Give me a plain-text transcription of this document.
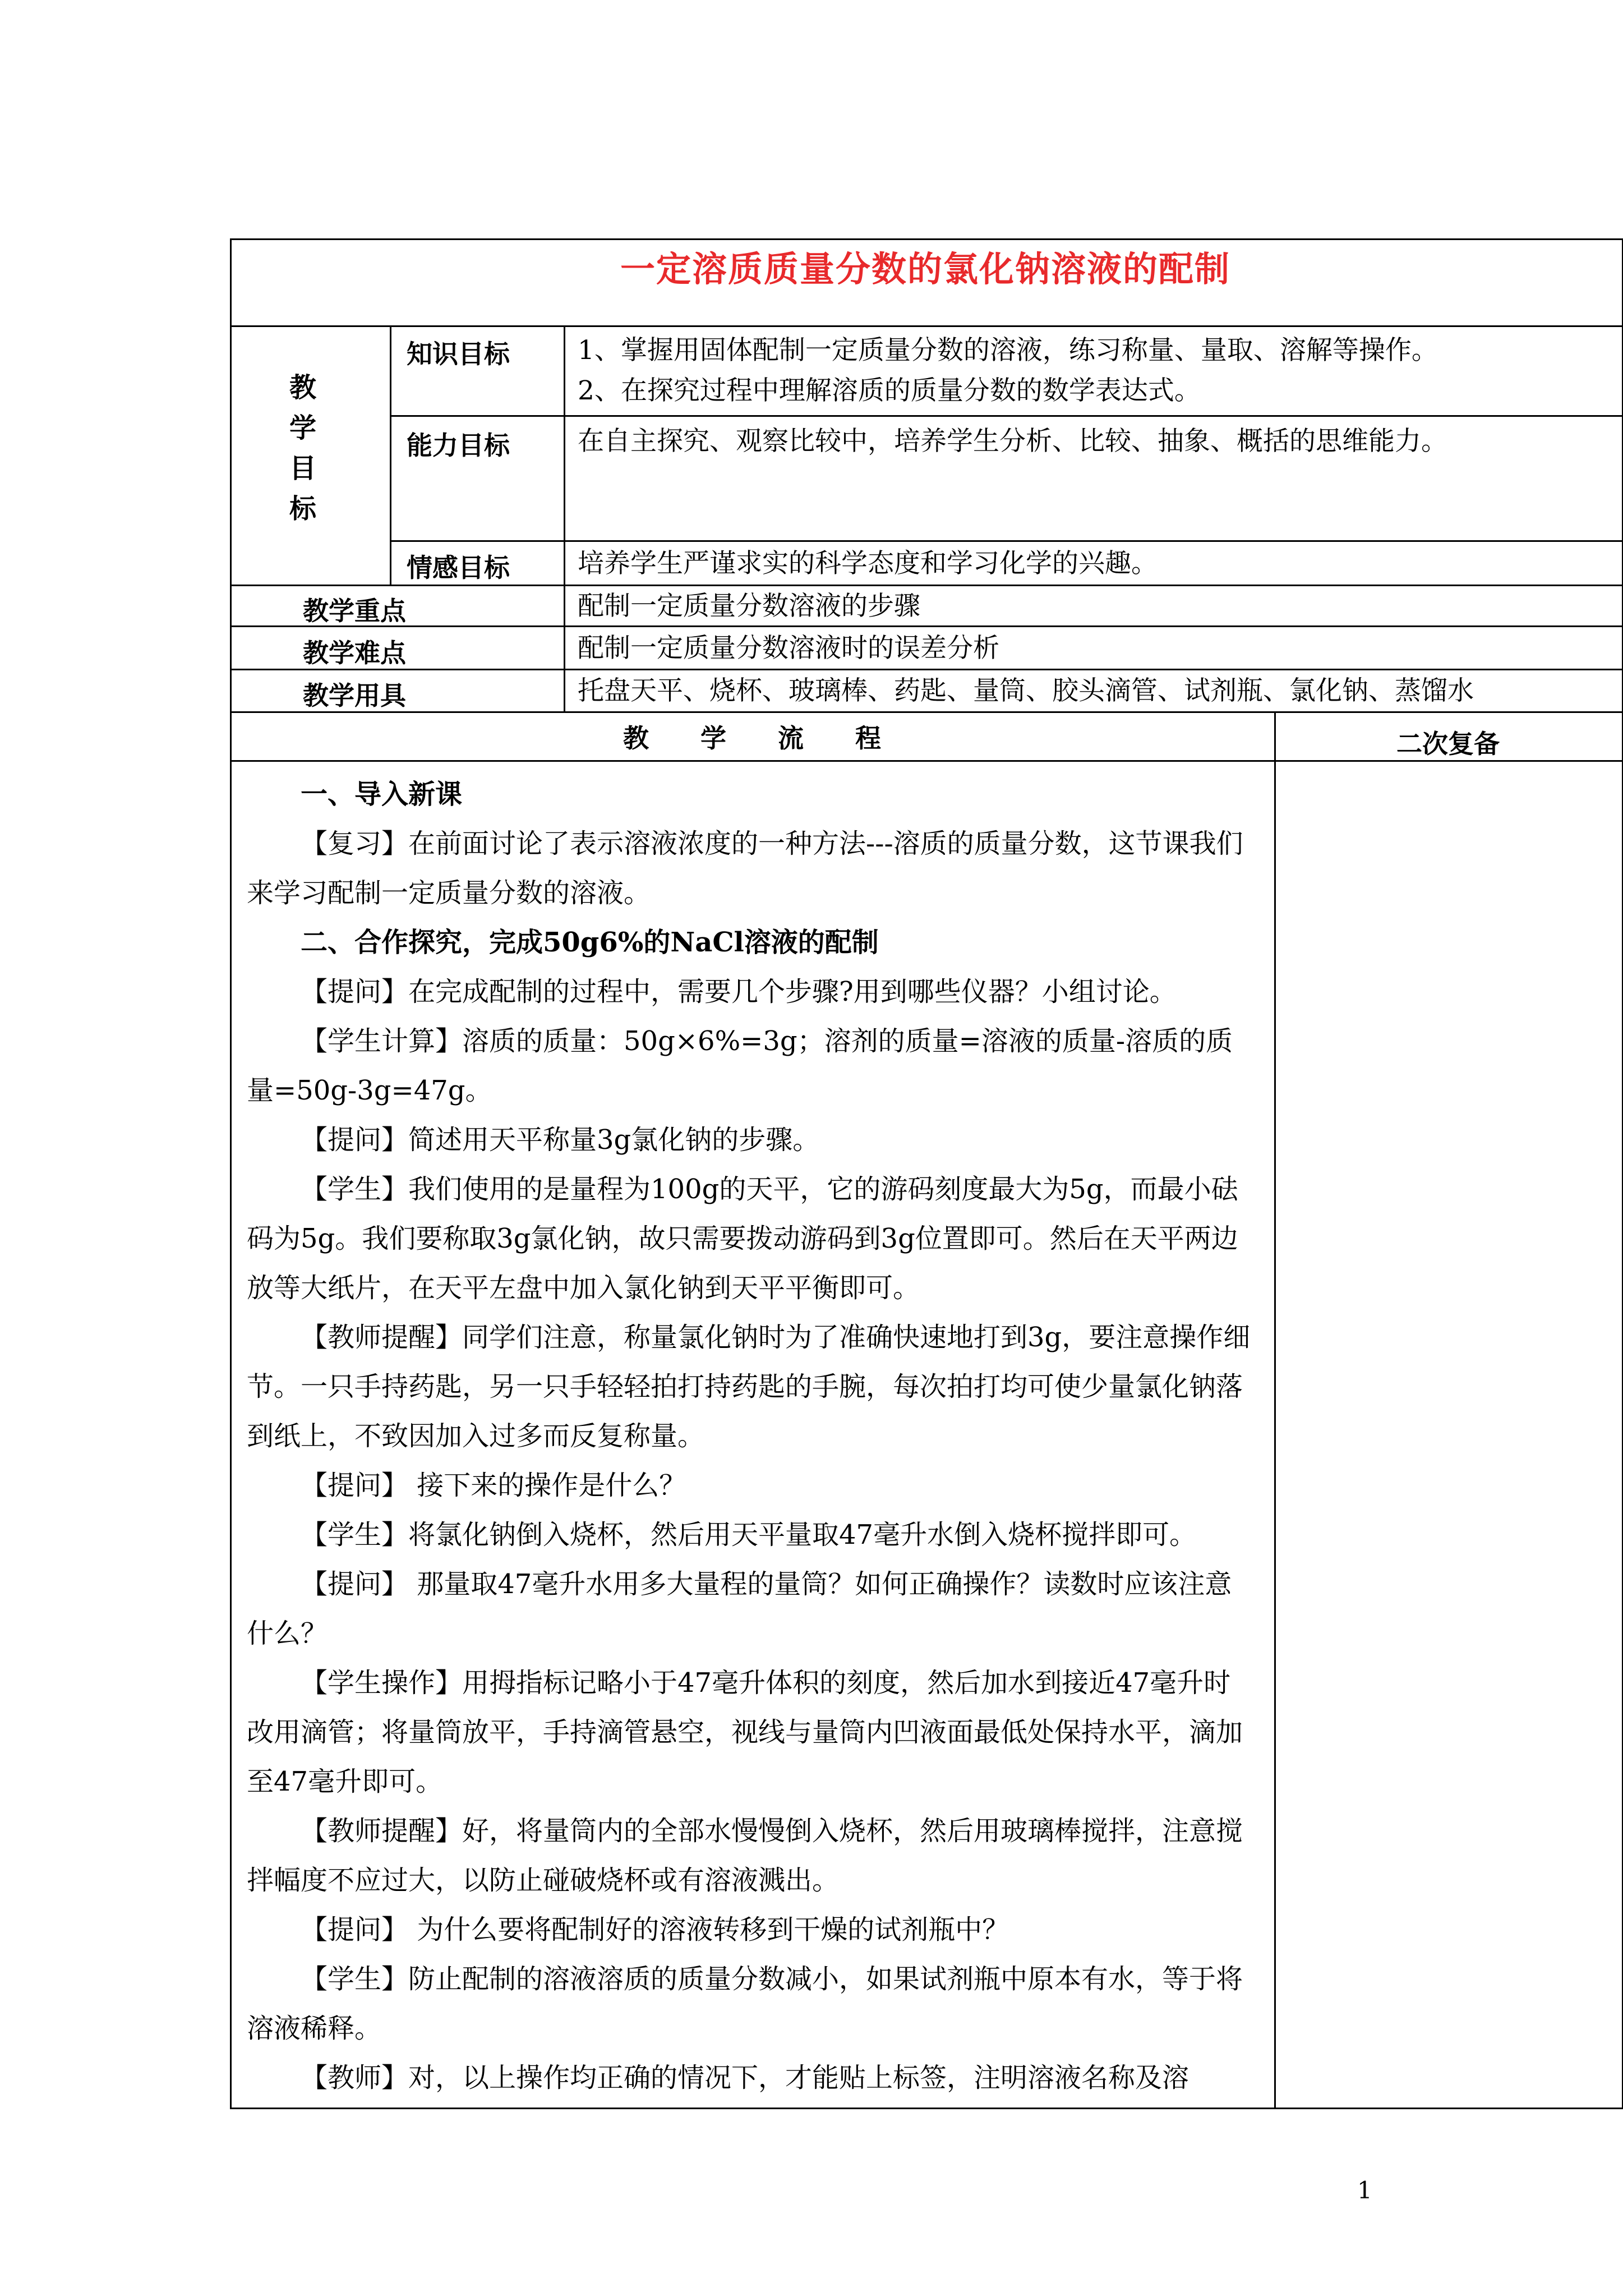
一定溶质质量分数的氯化钠溶液的配制
教
学
目
标
知识目标	1、掌握用固体配制一定质量分数的溶液，练习称量、量取、溶解等操作。
2、在探究过程中理解溶质的质量分数的数学表达式。
能力目标	在自主探究、观察比较中，培养学生分析、比较、抽象、概括的思维能力。
情感目标	培养学生严谨求实的科学态度和学习化学的兴趣。
教学重点	配制一定质量分数溶液的步骤
教学难点	配制一定质量分数溶液时的误差分析
教学用具	托盘天平、烧杯、玻璃棒、药匙、量筒、胶头滴管、试剂瓶、氯化钠、蒸馏水
教　　学　　流　　程	二次复备

一、导入新课

【复习】在前面讨论了表示溶液浓度的一种方法---溶质的质量分数，这节课我们来学习配制一定质量分数的溶液。

二、合作探究，完成50g6%的NaCl溶液的配制

【提问】在完成配制的过程中，需要几个步骤?用到哪些仪器？小组讨论。

【学生计算】溶质的质量：50g×6%=3g；溶剂的质量=溶液的质量-溶质的质量=50g-3g=47g。

【提问】简述用天平称量3g氯化钠的步骤。

【学生】我们使用的是量程为100g的天平，它的游码刻度最大为5g，而最小砝码为5g。我们要称取3g氯化钠，故只需要拨动游码到3g位置即可。然后在天平两边放等大纸片，在天平左盘中加入氯化钠到天平平衡即可。

【教师提醒】同学们注意，称量氯化钠时为了准确快速地打到3g，要注意操作细节。一只手持药匙，另一只手轻轻拍打持药匙的手腕，每次拍打均可使少量氯化钠落到纸上，不致因加入过多而反复称量。

【提问】 接下来的操作是什么？

【学生】将氯化钠倒入烧杯，然后用天平量取47毫升水倒入烧杯搅拌即可。

【提问】 那量取47毫升水用多大量程的量筒？如何正确操作？读数时应该注意什么？

【学生操作】用拇指标记略小于47毫升体积的刻度，然后加水到接近47毫升时改用滴管；将量筒放平，手持滴管悬空，视线与量筒内凹液面最低处保持水平，滴加至47毫升即可。

【教师提醒】好，将量筒内的全部水慢慢倒入烧杯，然后用玻璃棒搅拌，注意搅拌幅度不应过大，以防止碰破烧杯或有溶液溅出。

【提问】 为什么要将配制好的溶液转移到干燥的试剂瓶中？

【学生】防止配制的溶液溶质的质量分数减小，如果试剂瓶中原本有水，等于将溶液稀释。

【教师】对，以上操作均正确的情况下，才能贴上标签，注明溶液名称及溶

1
